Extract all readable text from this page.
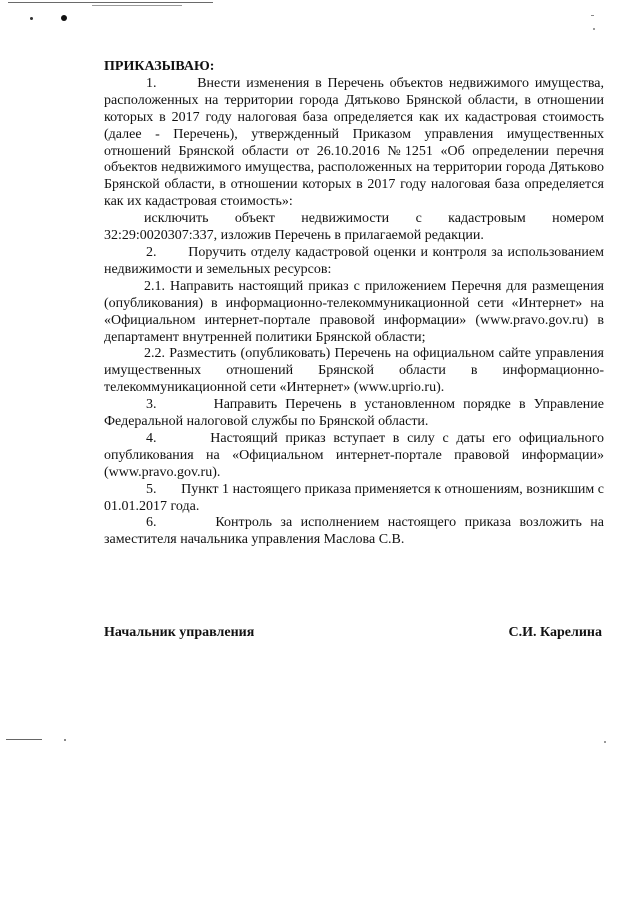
ПРИКАЗЫВАЮ:

1.       Внести изменения в Перечень объектов недвижимого имущества, расположенных на территории города Дятьково Брянской области, в отношении которых в 2017 году налоговая база определяется как их кадастровая стоимость (далее - Перечень), утвержденный Приказом управления имущественных отношений Брянской области от 26.10.2016 №1251 «Об определении перечня объектов недвижимого имущества, расположенных на территории города Дятьково Брянской области, в отношении которых в 2017 году налоговая база определяется как их кадастровая стоимость»:

исключить объект недвижимости с кадастровым номером 32:29:0020307:337, изложив Перечень в прилагаемой редакции.

2.       Поручить отделу кадастровой оценки и контроля за использованием недвижимости и земельных ресурсов:

2.1. Направить настоящий приказ с приложением Перечня для размещения (опубликования) в информационно-телекоммуникационной сети «Интернет» на «Официальном интернет-портале правовой информации» (www.pravo.gov.ru) в департамент внутренней политики Брянской области;

2.2. Разместить (опубликовать) Перечень на официальном сайте управления имущественных отношений Брянской области в информационно-телекоммуникационной сети «Интернет» (www.uprio.ru).

3.       Направить Перечень в установленном порядке в Управление Федеральной налоговой службы по Брянской области.

4.       Настоящий приказ вступает в силу с даты его официального опубликования на «Официальном интернет-портале правовой информации» (www.pravo.gov.ru).

5.       Пункт 1 настоящего приказа применяется к отношениям, возникшим с 01.01.2017 года.

6.       Контроль за исполнением настоящего приказа возложить на заместителя начальника управления Маслова С.В.

Начальник управления	С.И. Карелина
